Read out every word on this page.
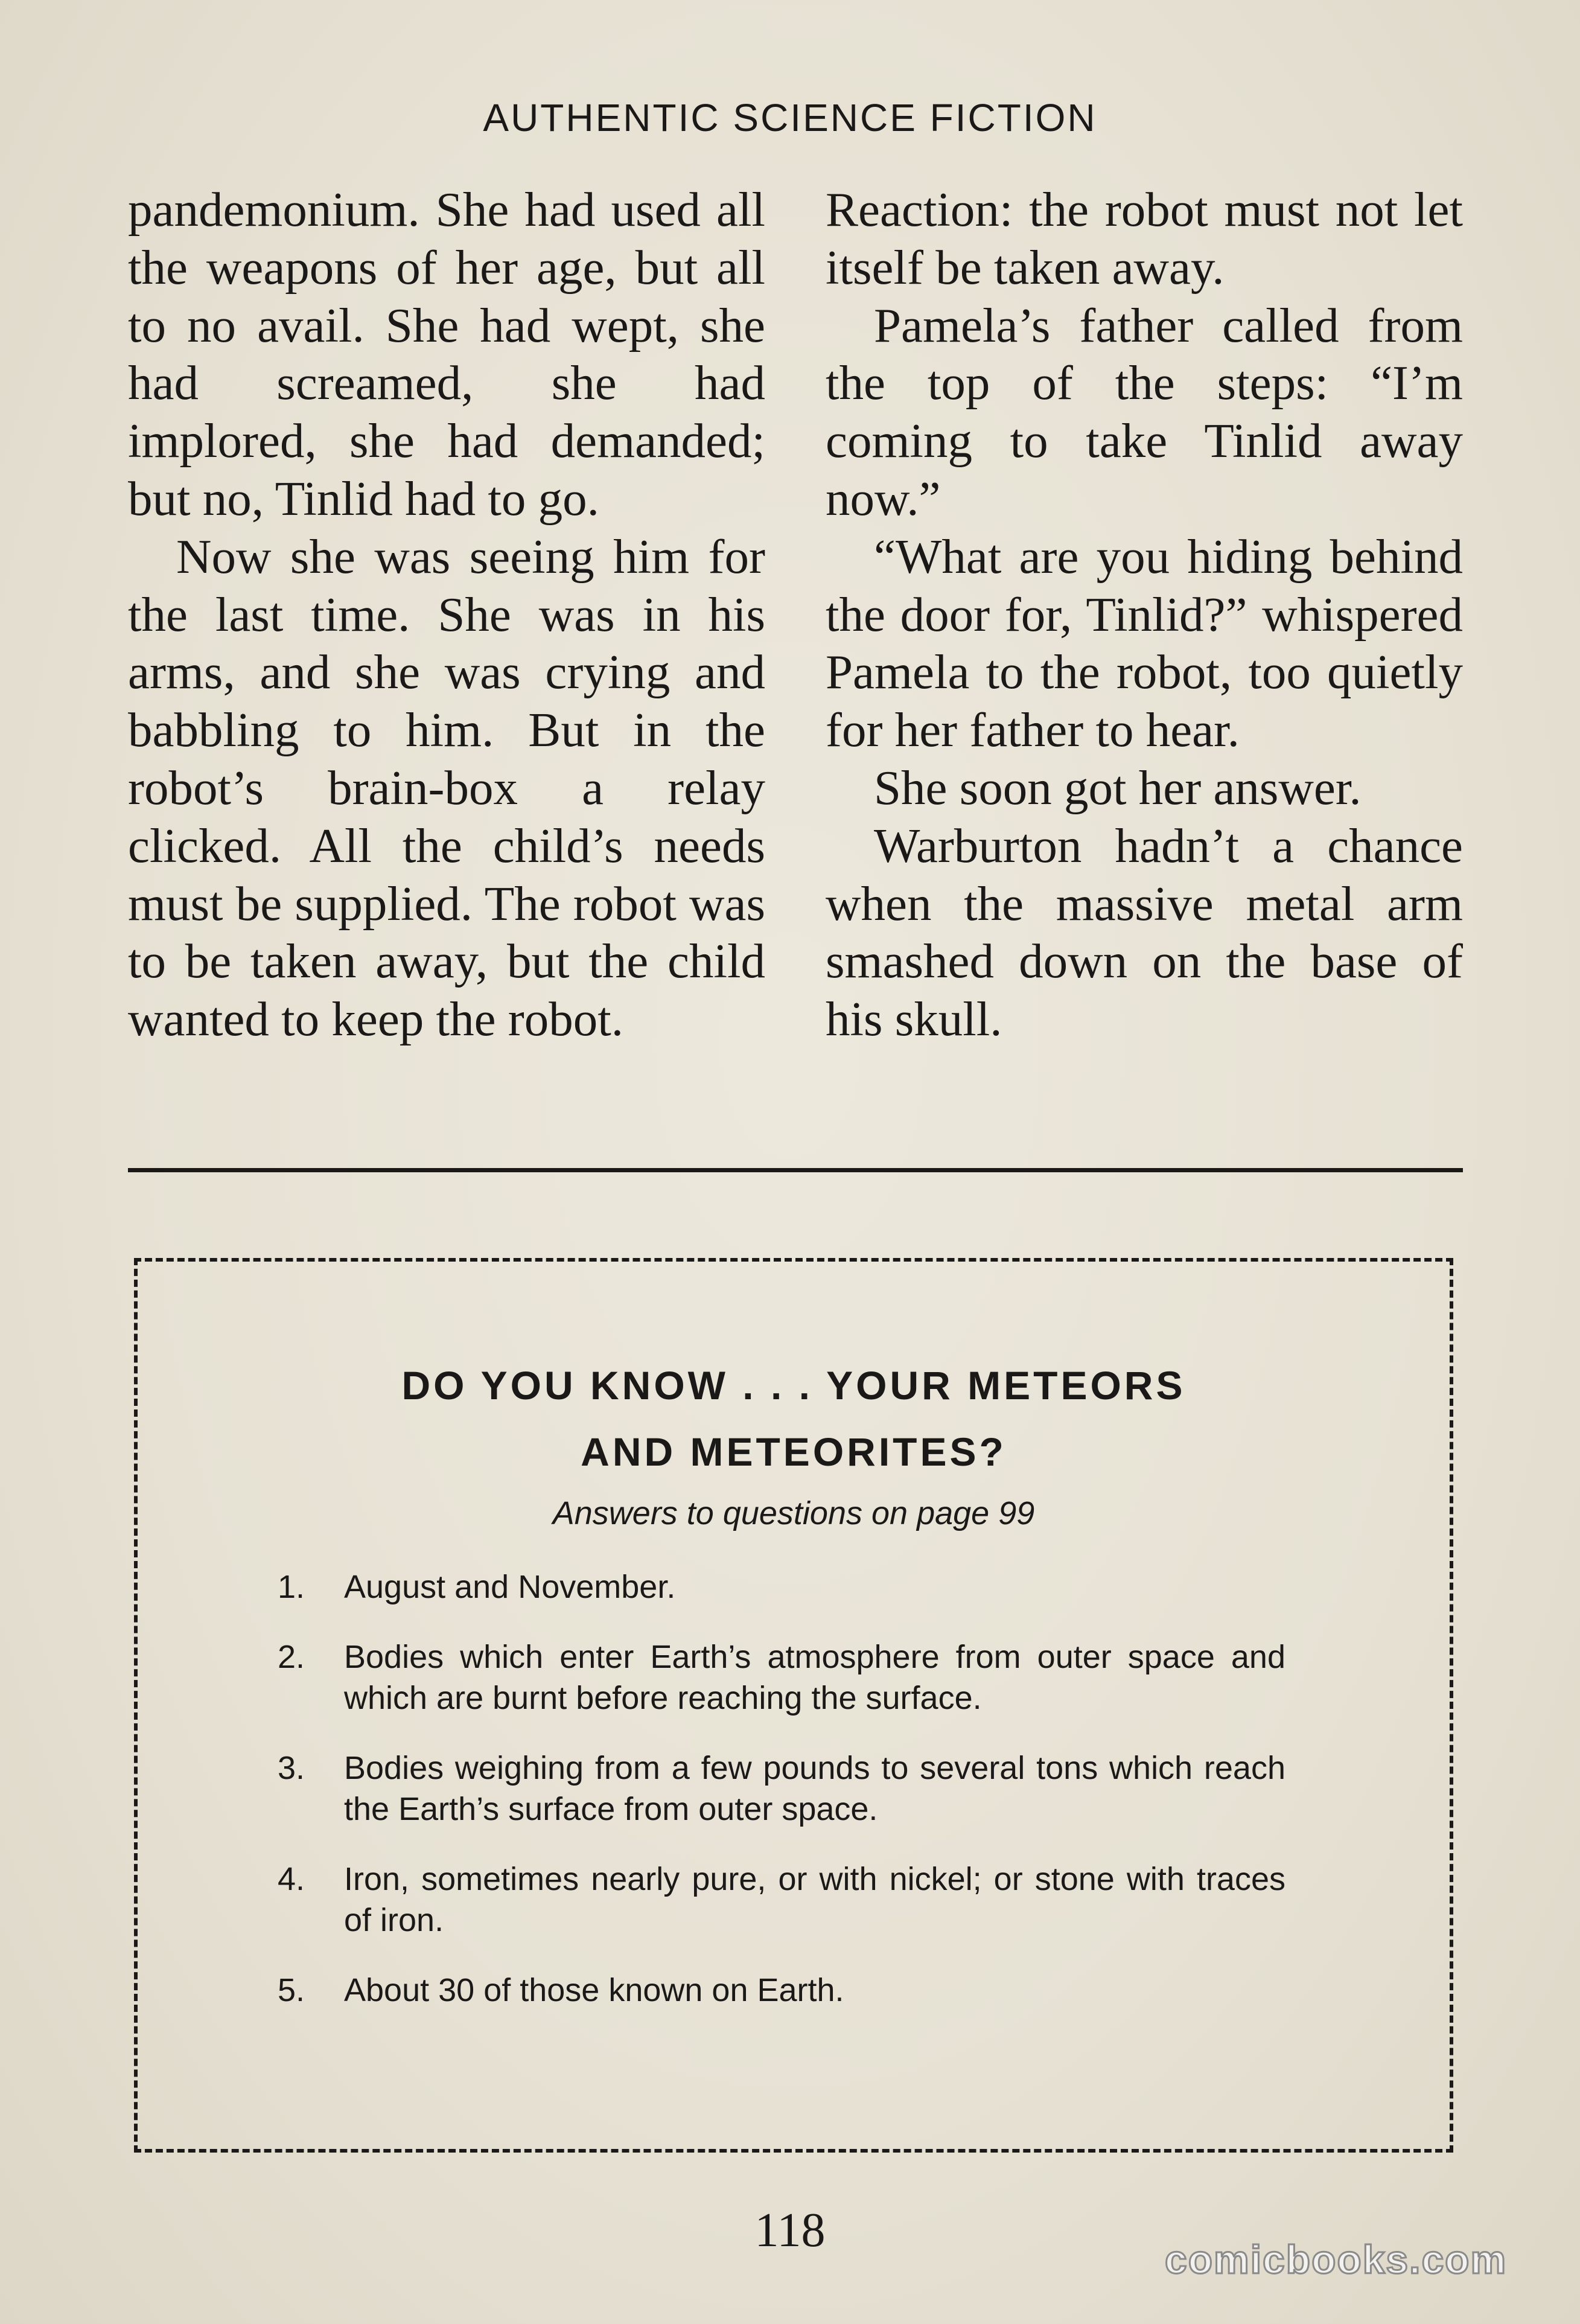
AUTHENTIC SCIENCE FICTION

pandemonium. She had used all the weapons of her age, but all to no avail. She had wept, she had screamed, she had implored, she had demanded; but no, Tinlid had to go.

Now she was seeing him for the last time. She was in his arms, and she was crying and babbling to him. But in the robot’s brain-box a relay clicked. All the child’s needs must be supplied. The robot was to be taken away, but the child wanted to keep the robot.

Reaction: the robot must not let itself be taken away.

Pamela’s father called from the top of the steps: “I’m coming to take Tinlid away now.”

“What are you hiding behind the door for, Tinlid?” whispered Pamela to the robot, too quietly for her father to hear.

She soon got her answer.

Warburton hadn’t a chance when the massive metal arm smashed down on the base of his skull.

DO YOU KNOW . . . YOUR METEORS
AND METEORITES?
Answers to questions on page 99
1. August and November.
2. Bodies which enter Earth’s atmosphere from outer space and which are burnt before reaching the surface.
3. Bodies weighing from a few pounds to several tons which reach the Earth’s surface from outer space.
4. Iron, sometimes nearly pure, or with nickel; or stone with traces of iron.
5. About 30 of those known on Earth.
118
comicbooks.com
